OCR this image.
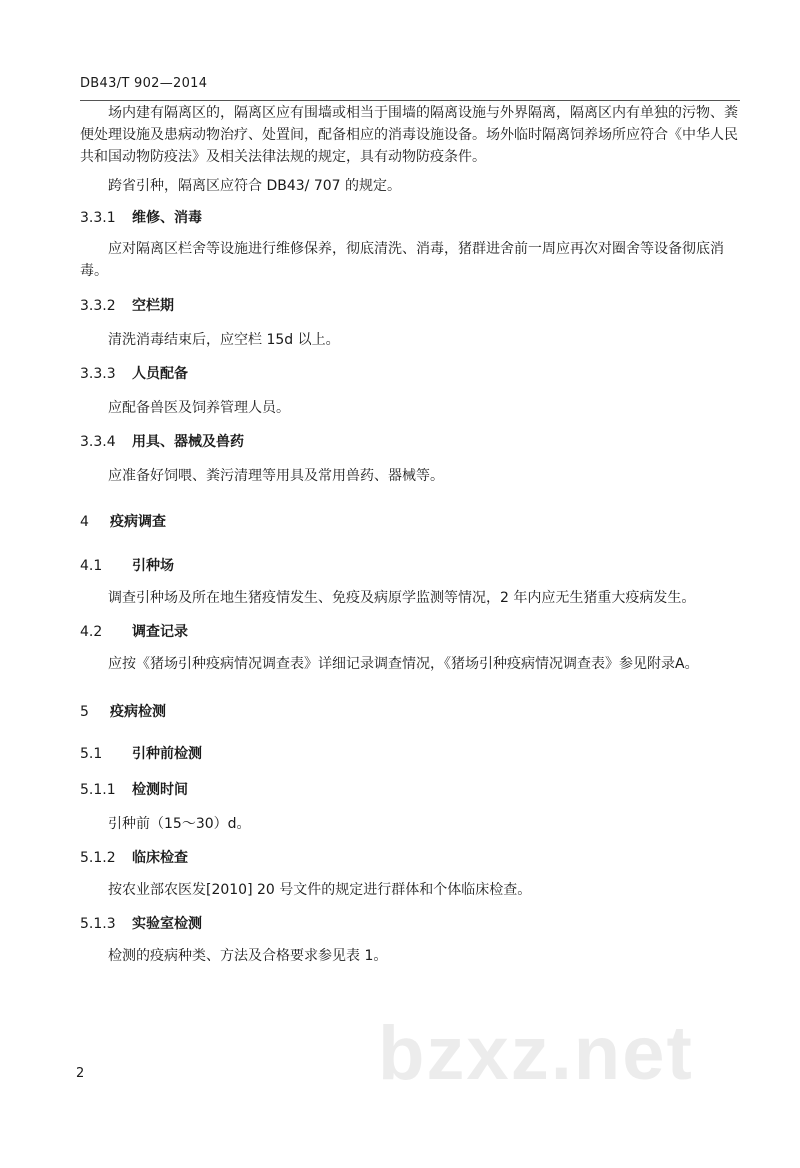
DB43/T 902—2014
场内建有隔离区的，隔离区应有围墙或相当于围墙的隔离设施与外界隔离，隔离区内有单独的污物、粪便处理设施及患病动物治疗、处置间，配备相应的消毒设施设备。场外临时隔离饲养场所应符合《中华人民共和国动物防疫法》及相关法律法规的规定，具有动物防疫条件。
跨省引种，隔离区应符合 DB43/ 707 的规定。
3.3.1 维修、消毒
应对隔离区栏舍等设施进行维修保养，彻底清洗、消毒，猪群进舍前一周应再次对圈舍等设备彻底消毒。
3.3.2 空栏期
清洗消毒结束后，应空栏 15d 以上。
3.3.3 人员配备
应配备兽医及饲养管理人员。
3.3.4 用具、器械及兽药
应准备好饲喂、粪污清理等用具及常用兽药、器械等。
4 疫病调查
4.1 引种场
调查引种场及所在地生猪疫情发生、免疫及病原学监测等情况，2 年内应无生猪重大疫病发生。
4.2 调查记录
应按《猪场引种疫病情况调查表》详细记录调查情况，《猪场引种疫病情况调查表》参见附录A。
5 疫病检测
5.1 引种前检测
5.1.1 检测时间
引种前（15～30）d。
5.1.2 临床检查
按农业部农医发[2010] 20 号文件的规定进行群体和个体临床检查。
5.1.3 实验室检测
检测的疫病种类、方法及合格要求参见表 1。
2	bzxz.net
